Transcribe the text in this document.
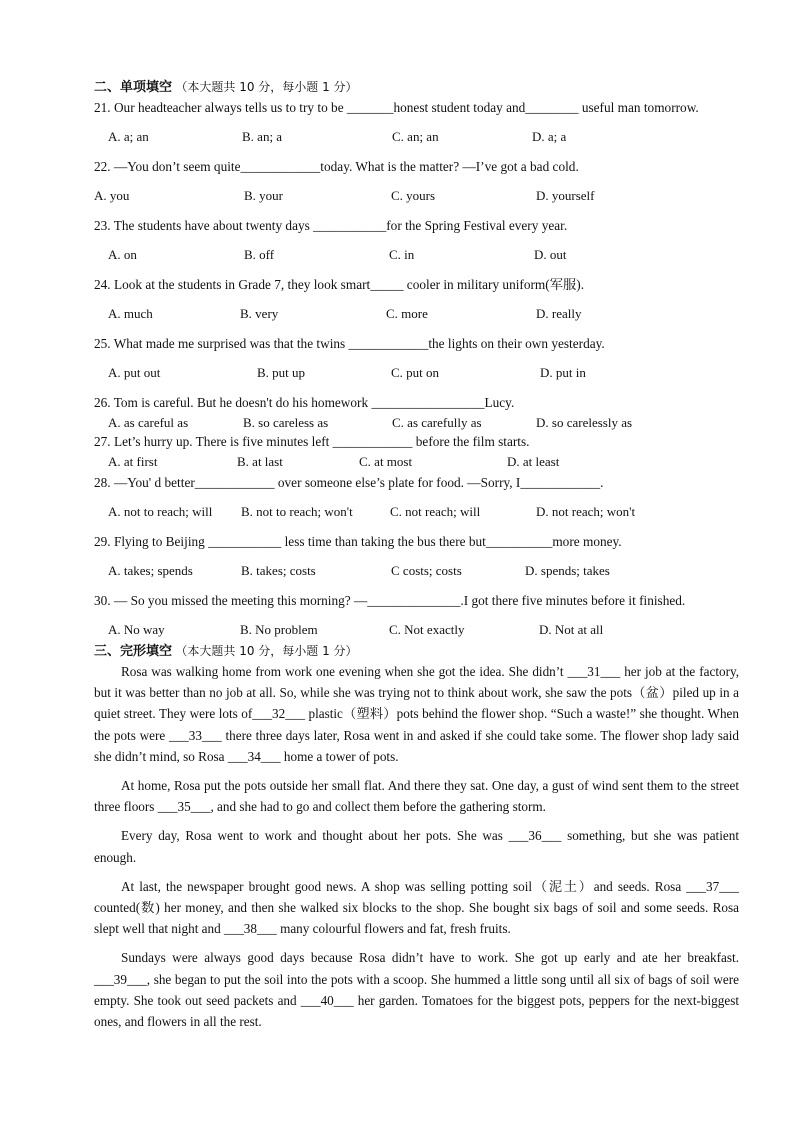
二、单项填空 （本大题共 10 分，每小题 1 分）
21. Our headteacher always tells us to try to be _______honest student today and________ useful man tomorrow.
A. a; an	B. an; a	C. an; an	D. a; a
22. —You don’t seem quite____________today. What is the matter? —I’ve got a bad cold.
A. you	B. your	C. yours	D. yourself
23. The students have about twenty days ___________for the Spring Festival every year.
A. on	B. off	C. in	D. out
24. Look at the students in Grade 7, they look smart_____ cooler in military uniform(军服).
A. much	B. very	C. more	D. really
25. What made me surprised was that the twins ____________the lights on their own yesterday.
A. put out	B. put up	C. put on	D. put in
26. Tom is careful. But he doesn't do his homework _________________Lucy.
A. as careful as	B. so careless as	C. as carefully as	D. so carelessly as
27. Let’s hurry up. There is five minutes left ____________ before the film starts.
A. at first	B. at last	C. at most	D. at least
28. —You' d better____________ over someone else’s plate for food. —Sorry, I____________.
A. not to reach; will B. not to reach; won't	C. not reach; will	D. not reach; won't
29. Flying to Beijing ___________ less time than taking the bus there but__________more money.
A. takes; spends	B. takes; costs	C costs; costs	D. spends; takes
30. — So you missed the meeting this morning? —______________.I got there five minutes before it finished.
A. No way	B. No problem	C. Not exactly	D. Not at all
三、完形填空 （本大题共 10 分，每小题 1 分）

Rosa was walking home from work one evening when she got the idea. She didn’t ___31___ her job at the factory, but it was better than no job at all. So, while she was trying not to think about work, she saw the pots（盆）piled up in a quiet street. They were lots of___32___ plastic（塑料）pots behind the flower shop. “Such a waste!” she thought. When the pots were ___33___ there three days later, Rosa went in and asked if she could take some. The flower shop lady said she didn’t mind, so Rosa ___34___ home a tower of pots.

At home, Rosa put the pots outside her small flat. And there they sat. One day, a gust of wind sent them to the street three floors ___35___, and she had to go and collect them before the gathering storm.

Every day, Rosa went to work and thought about her pots. She was ___36___ something, but she was patient enough.

At last, the newspaper brought good news. A shop was selling potting soil（泥土）and seeds. Rosa ___37___ counted(数) her money, and then she walked six blocks to the shop. She bought six bags of soil and some seeds. Rosa slept well that night and ___38___ many colourful flowers and fat, fresh fruits.

Sundays were always good days because Rosa didn’t have to work. She got up early and ate her breakfast. ___39___, she began to put the soil into the pots with a scoop. She hummed a little song until all six of bags of soil were empty. She took out seed packets and ___40___ her garden. Tomatoes for the biggest pots, peppers for the next-biggest ones, and flowers in all the rest.
